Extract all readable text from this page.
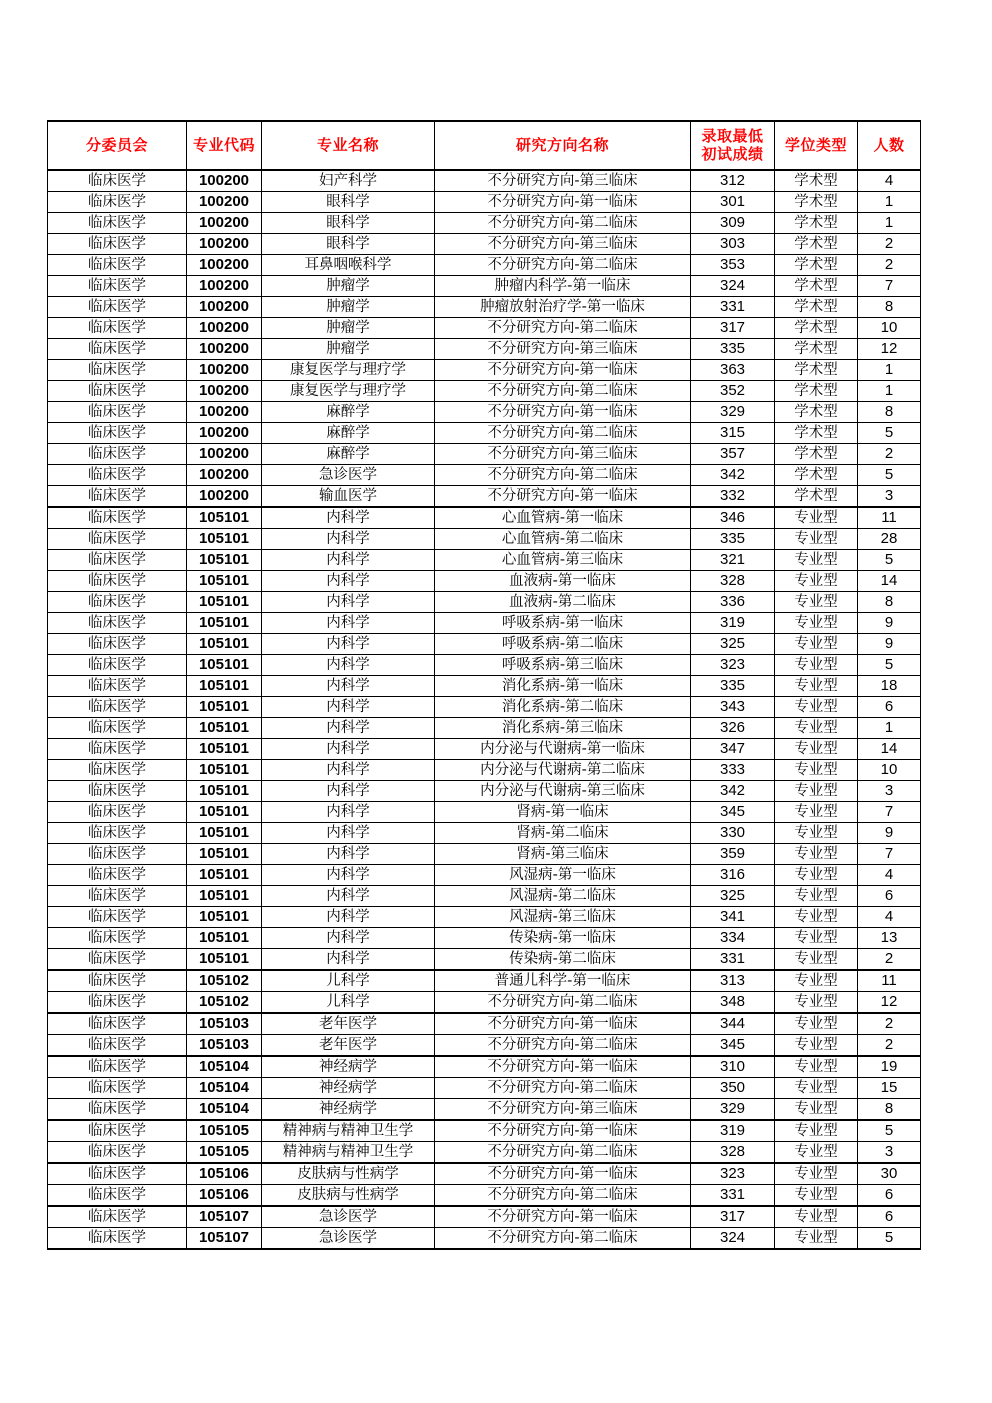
分委员会	专业代码	专业名称	研究方向名称	录取最低
初试成绩	学位类型	人数
临床医学	100200	妇产科学	不分研究方向-第三临床	312	学术型	4
临床医学	100200	眼科学	不分研究方向-第一临床	301	学术型	1
临床医学	100200	眼科学	不分研究方向-第二临床	309	学术型	1
临床医学	100200	眼科学	不分研究方向-第三临床	303	学术型	2
临床医学	100200	耳鼻咽喉科学	不分研究方向-第二临床	353	学术型	2
临床医学	100200	肿瘤学	肿瘤内科学-第一临床	324	学术型	7
临床医学	100200	肿瘤学	肿瘤放射治疗学-第一临床	331	学术型	8
临床医学	100200	肿瘤学	不分研究方向-第二临床	317	学术型	10
临床医学	100200	肿瘤学	不分研究方向-第三临床	335	学术型	12
临床医学	100200	康复医学与理疗学	不分研究方向-第一临床	363	学术型	1
临床医学	100200	康复医学与理疗学	不分研究方向-第二临床	352	学术型	1
临床医学	100200	麻醉学	不分研究方向-第一临床	329	学术型	8
临床医学	100200	麻醉学	不分研究方向-第二临床	315	学术型	5
临床医学	100200	麻醉学	不分研究方向-第三临床	357	学术型	2
临床医学	100200	急诊医学	不分研究方向-第二临床	342	学术型	5
临床医学	100200	输血医学	不分研究方向-第一临床	332	学术型	3
临床医学	105101	内科学	心血管病-第一临床	346	专业型	11
临床医学	105101	内科学	心血管病-第二临床	335	专业型	28
临床医学	105101	内科学	心血管病-第三临床	321	专业型	5
临床医学	105101	内科学	血液病-第一临床	328	专业型	14
临床医学	105101	内科学	血液病-第二临床	336	专业型	8
临床医学	105101	内科学	呼吸系病-第一临床	319	专业型	9
临床医学	105101	内科学	呼吸系病-第二临床	325	专业型	9
临床医学	105101	内科学	呼吸系病-第三临床	323	专业型	5
临床医学	105101	内科学	消化系病-第一临床	335	专业型	18
临床医学	105101	内科学	消化系病-第二临床	343	专业型	6
临床医学	105101	内科学	消化系病-第三临床	326	专业型	1
临床医学	105101	内科学	内分泌与代谢病-第一临床	347	专业型	14
临床医学	105101	内科学	内分泌与代谢病-第二临床	333	专业型	10
临床医学	105101	内科学	内分泌与代谢病-第三临床	342	专业型	3
临床医学	105101	内科学	肾病-第一临床	345	专业型	7
临床医学	105101	内科学	肾病-第二临床	330	专业型	9
临床医学	105101	内科学	肾病-第三临床	359	专业型	7
临床医学	105101	内科学	风湿病-第一临床	316	专业型	4
临床医学	105101	内科学	风湿病-第二临床	325	专业型	6
临床医学	105101	内科学	风湿病-第三临床	341	专业型	4
临床医学	105101	内科学	传染病-第一临床	334	专业型	13
临床医学	105101	内科学	传染病-第二临床	331	专业型	2
临床医学	105102	儿科学	普通儿科学-第一临床	313	专业型	11
临床医学	105102	儿科学	不分研究方向-第二临床	348	专业型	12
临床医学	105103	老年医学	不分研究方向-第一临床	344	专业型	2
临床医学	105103	老年医学	不分研究方向-第二临床	345	专业型	2
临床医学	105104	神经病学	不分研究方向-第一临床	310	专业型	19
临床医学	105104	神经病学	不分研究方向-第二临床	350	专业型	15
临床医学	105104	神经病学	不分研究方向-第三临床	329	专业型	8
临床医学	105105	精神病与精神卫生学	不分研究方向-第一临床	319	专业型	5
临床医学	105105	精神病与精神卫生学	不分研究方向-第二临床	328	专业型	3
临床医学	105106	皮肤病与性病学	不分研究方向-第一临床	323	专业型	30
临床医学	105106	皮肤病与性病学	不分研究方向-第二临床	331	专业型	6
临床医学	105107	急诊医学	不分研究方向-第一临床	317	专业型	6
临床医学	105107	急诊医学	不分研究方向-第二临床	324	专业型	5
